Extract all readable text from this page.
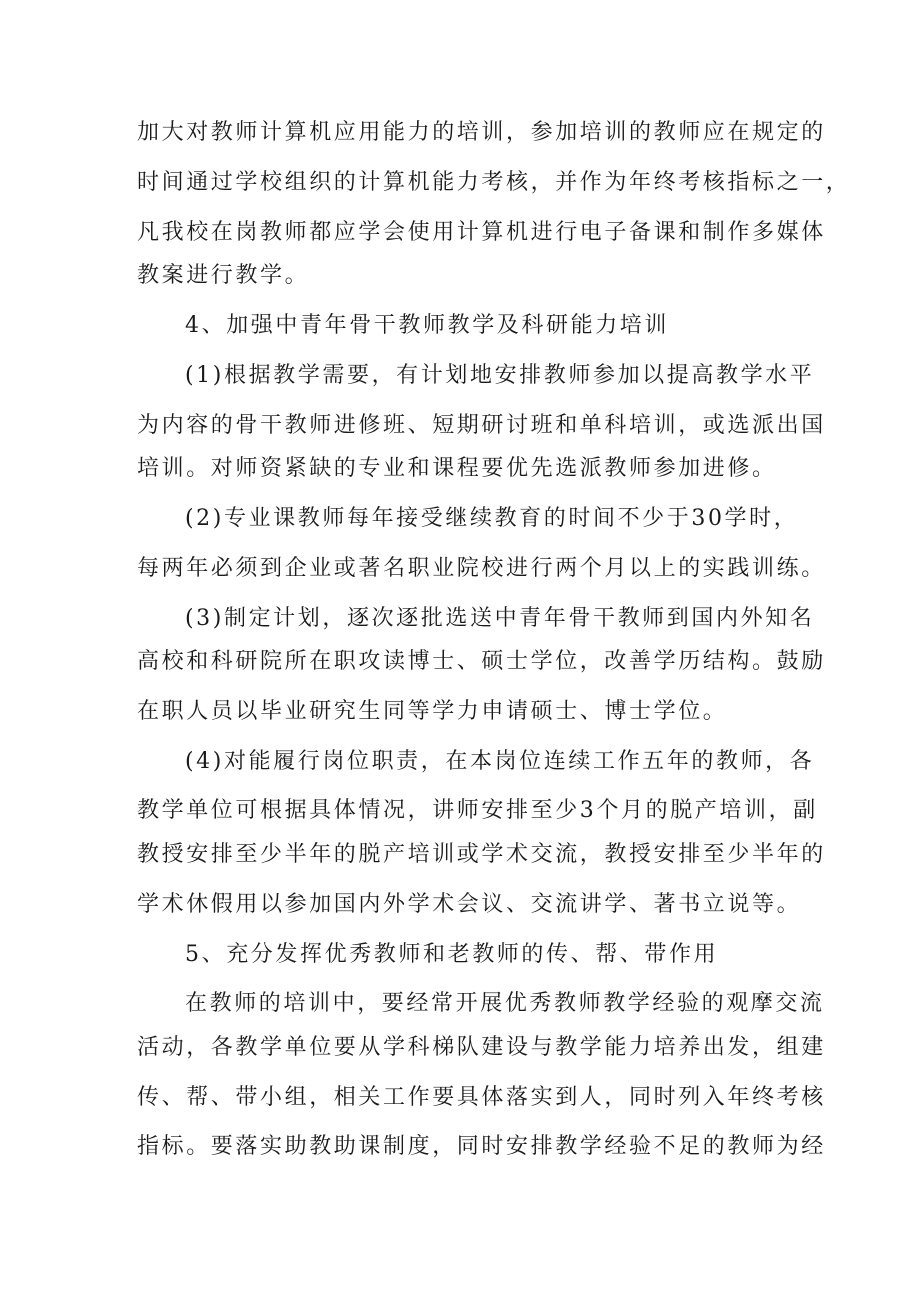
加大对教师计算机应用能力的培训，参加培训的教师应在规定的
时间通过学校组织的计算机能力考核，并作为年终考核指标之一，
凡我校在岗教师都应学会使用计算机进行电子备课和制作多媒体
教案进行教学。
4、加强中青年骨干教师教学及科研能力培训
(1)根据教学需要，有计划地安排教师参加以提高教学水平
为内容的骨干教师进修班、短期研讨班和单科培训，或选派出国
培训。对师资紧缺的专业和课程要优先选派教师参加进修。
(2)专业课教师每年接受继续教育的时间不少于30学时，
每两年必须到企业或著名职业院校进行两个月以上的实践训练。
(3)制定计划，逐次逐批选送中青年骨干教师到国内外知名
高校和科研院所在职攻读博士、硕士学位，改善学历结构。鼓励
在职人员以毕业研究生同等学力申请硕士、博士学位。
(4)对能履行岗位职责，在本岗位连续工作五年的教师，各
教学单位可根据具体情况，讲师安排至少3个月的脱产培训，副
教授安排至少半年的脱产培训或学术交流，教授安排至少半年的
学术休假用以参加国内外学术会议、交流讲学、著书立说等。
5、充分发挥优秀教师和老教师的传、帮、带作用
在教师的培训中，要经常开展优秀教师教学经验的观摩交流
活动，各教学单位要从学科梯队建设与教学能力培养出发，组建
传、帮、带小组，相关工作要具体落实到人，同时列入年终考核
指标。要落实助教助课制度，同时安排教学经验不足的教师为经
